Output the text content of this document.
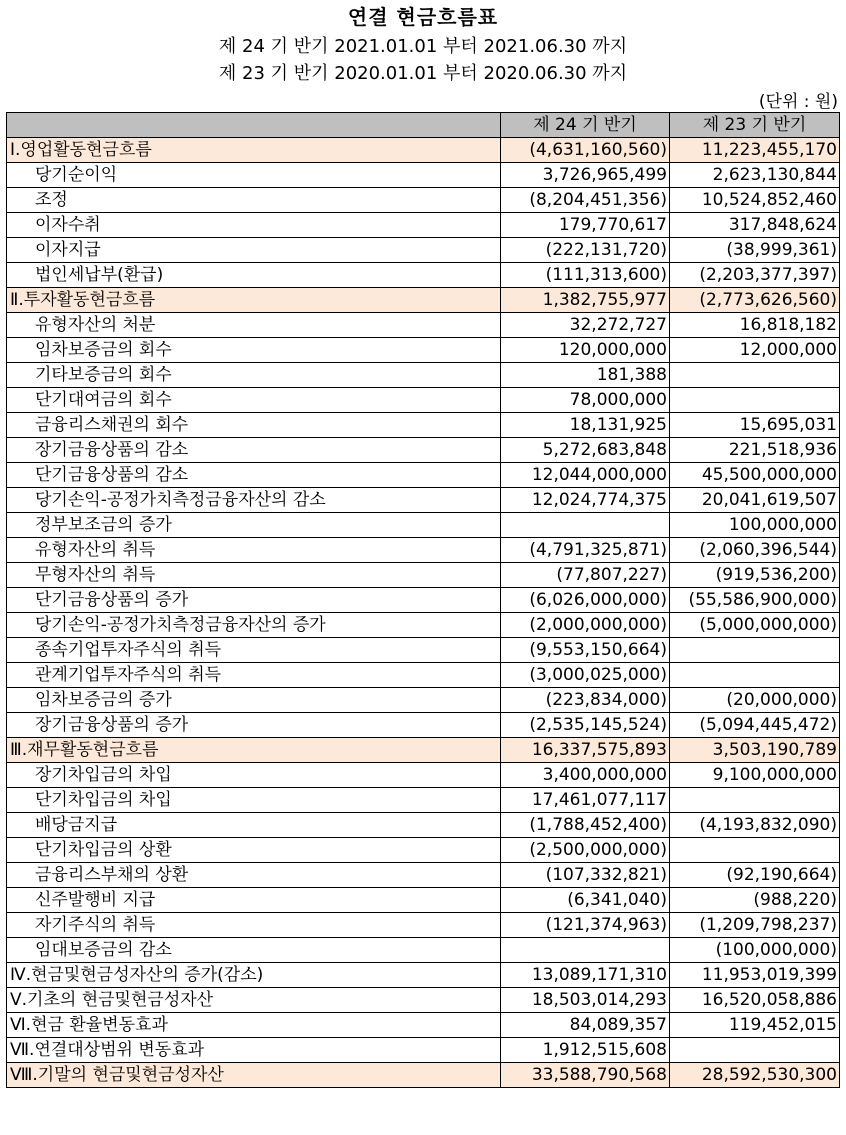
연결 현금흐름표
제 24 기 반기 2021.01.01 부터 2021.06.30 까지
제 23 기 반기 2020.01.01 부터 2020.06.30 까지
(단위 : 원)
	제 24 기 반기	제 23 기 반기
Ⅰ.영업활동현금흐름	(4,631,160,560)	11,223,455,170
당기순이익	3,726,965,499	2,623,130,844
조정	(8,204,451,356)	10,524,852,460
이자수취	179,770,617	317,848,624
이자지급	(222,131,720)	(38,999,361)
법인세납부(환급)	(111,313,600)	(2,203,377,397)
Ⅱ.투자활동현금흐름	1,382,755,977	(2,773,626,560)
유형자산의 처분	32,272,727	16,818,182
임차보증금의 회수	120,000,000	12,000,000
기타보증금의 회수	181,388	
단기대여금의 회수	78,000,000	
금융리스채권의 회수	18,131,925	15,695,031
장기금융상품의 감소	5,272,683,848	221,518,936
단기금융상품의 감소	12,044,000,000	45,500,000,000
당기손익-공정가치측정금융자산의 감소	12,024,774,375	20,041,619,507
정부보조금의 증가		100,000,000
유형자산의 취득	(4,791,325,871)	(2,060,396,544)
무형자산의 취득	(77,807,227)	(919,536,200)
단기금융상품의 증가	(6,026,000,000)	(55,586,900,000)
당기손익-공정가치측정금융자산의 증가	(2,000,000,000)	(5,000,000,000)
종속기업투자주식의 취득	(9,553,150,664)	
관계기업투자주식의 취득	(3,000,025,000)	
임차보증금의 증가	(223,834,000)	(20,000,000)
장기금융상품의 증가	(2,535,145,524)	(5,094,445,472)
Ⅲ.재무활동현금흐름	16,337,575,893	3,503,190,789
장기차입금의 차입	3,400,000,000	9,100,000,000
단기차입금의 차입	17,461,077,117	
배당금지급	(1,788,452,400)	(4,193,832,090)
단기차입금의 상환	(2,500,000,000)	
금융리스부채의 상환	(107,332,821)	(92,190,664)
신주발행비 지급	(6,341,040)	(988,220)
자기주식의 취득	(121,374,963)	(1,209,798,237)
임대보증금의 감소		(100,000,000)
Ⅳ.현금및현금성자산의 증가(감소)	13,089,171,310	11,953,019,399
Ⅴ.기초의 현금및현금성자산	18,503,014,293	16,520,058,886
Ⅵ.현금 환율변동효과	84,089,357	119,452,015
Ⅶ.연결대상범위 변동효과	1,912,515,608	
Ⅷ.기말의 현금및현금성자산	33,588,790,568	28,592,530,300
